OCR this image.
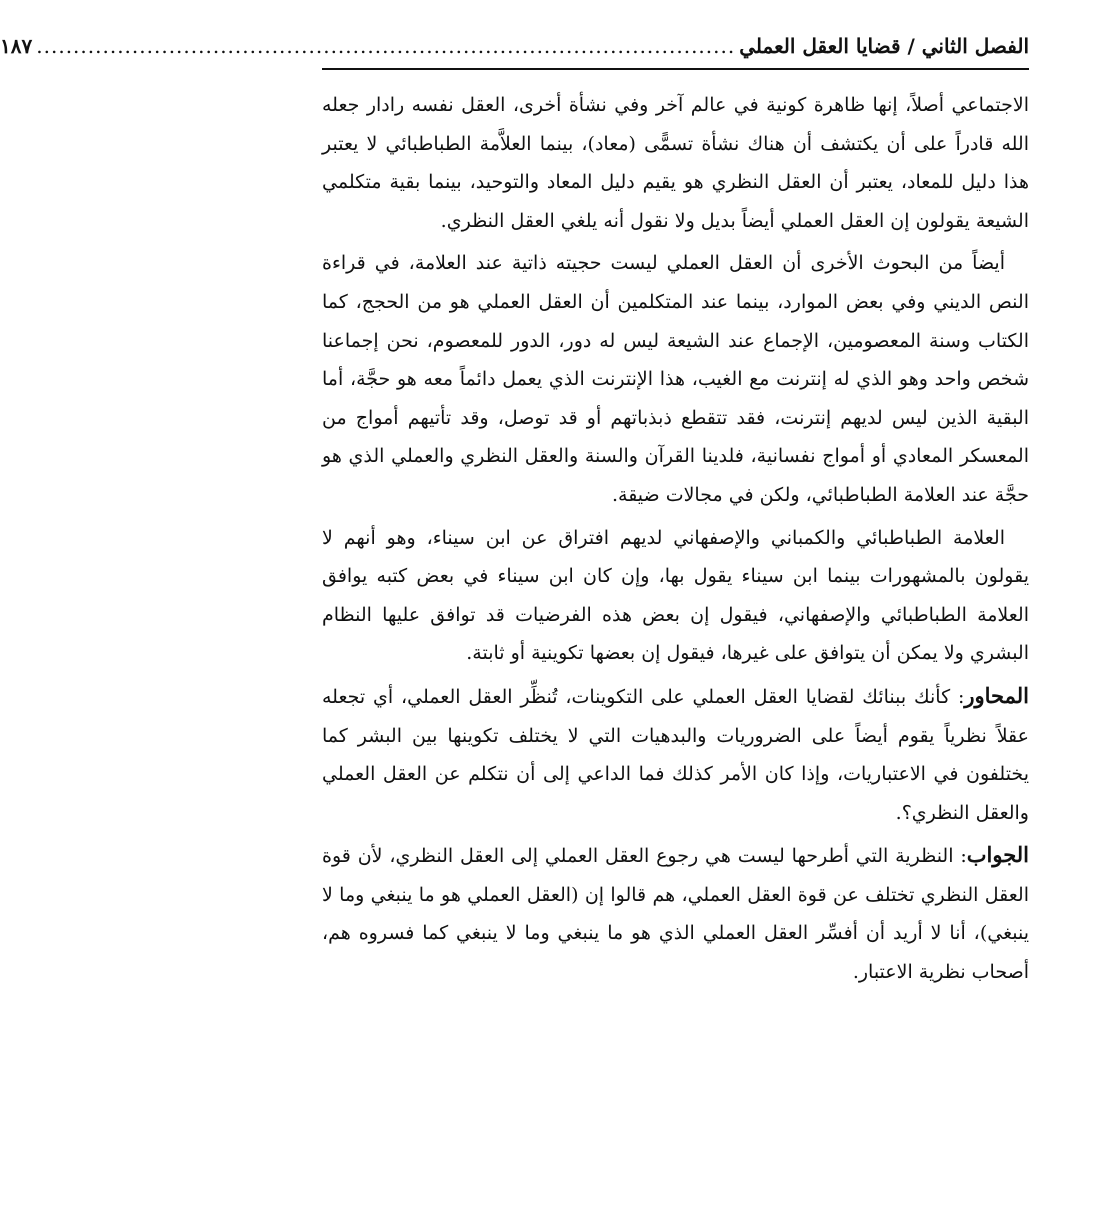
الفصل الثاني / قضايا العقل العملي
...............................................................................................
١٨٧

الاجتماعي أصلاً، إنها ظاهرة كونية في عالم آخر وفي نشأة أخرى، العقل نفسه رادار جعله الله قادراً على أن يكتشف أن هناك نشأة تسمًّى (معاد)، بينما العلاَّمة الطباطبائي لا يعتبر هذا دليل للمعاد، يعتبر أن العقل النظري هو يقيم دليل المعاد والتوحيد، بينما بقية متكلمي الشيعة يقولون إن العقل العملي أيضاً بديل ولا نقول أنه يلغي العقل النظري.

أيضاً من البحوث الأخرى أن العقل العملي ليست حجيته ذاتية عند العلامة، في قراءة النص الديني وفي بعض الموارد، بينما عند المتكلمين أن العقل العملي هو من الحجج، كما الكتاب وسنة المعصومين، الإجماع عند الشيعة ليس له دور، الدور للمعصوم، نحن إجماعنا شخص واحد وهو الذي له إنترنت مع الغيب، هذا الإنترنت الذي يعمل دائماً معه هو حجَّة، أما البقية الذين ليس لديهم إنترنت، فقد تتقطع ذبذباتهم أو قد توصل، وقد تأتيهم أمواج من المعسكر المعادي أو أمواج نفسانية، فلدينا القرآن والسنة والعقل النظري والعملي الذي هو حجَّة عند العلامة الطباطبائي، ولكن في مجالات ضيقة.

العلامة الطباطبائي والكمباني والإصفهاني لديهم افتراق عن ابن سيناء، وهو أنهم لا يقولون بالمشهورات بينما ابن سيناء يقول بها، وإن كان ابن سيناء في بعض كتبه يوافق العلامة الطباطبائي والإصفهاني، فيقول إن بعض هذه الفرضيات قد توافق عليها النظام البشري ولا يمكن أن يتوافق على غيرها، فيقول إن بعضها تكوينية أو ثابتة.

المحاور: كأنك ببنائك لقضايا العقل العملي على التكوينات، تُنظِّر العقل العملي، أي تجعله عقلاً نظرياً يقوم أيضاً على الضروريات والبدهيات التي لا يختلف تكوينها بين البشر كما يختلفون في الاعتباريات، وإذا كان الأمر كذلك فما الداعي إلى أن نتكلم عن العقل العملي والعقل النظري؟.

الجواب: النظرية التي أطرحها ليست هي رجوع العقل العملي إلى العقل النظري، لأن قوة العقل النظري تختلف عن قوة العقل العملي، هم قالوا إن (العقل العملي هو ما ينبغي وما لا ينبغي)، أنا لا أريد أن أفسِّر العقل العملي الذي هو ما ينبغي وما لا ينبغي كما فسروه هم، أصحاب نظرية الاعتبار.
